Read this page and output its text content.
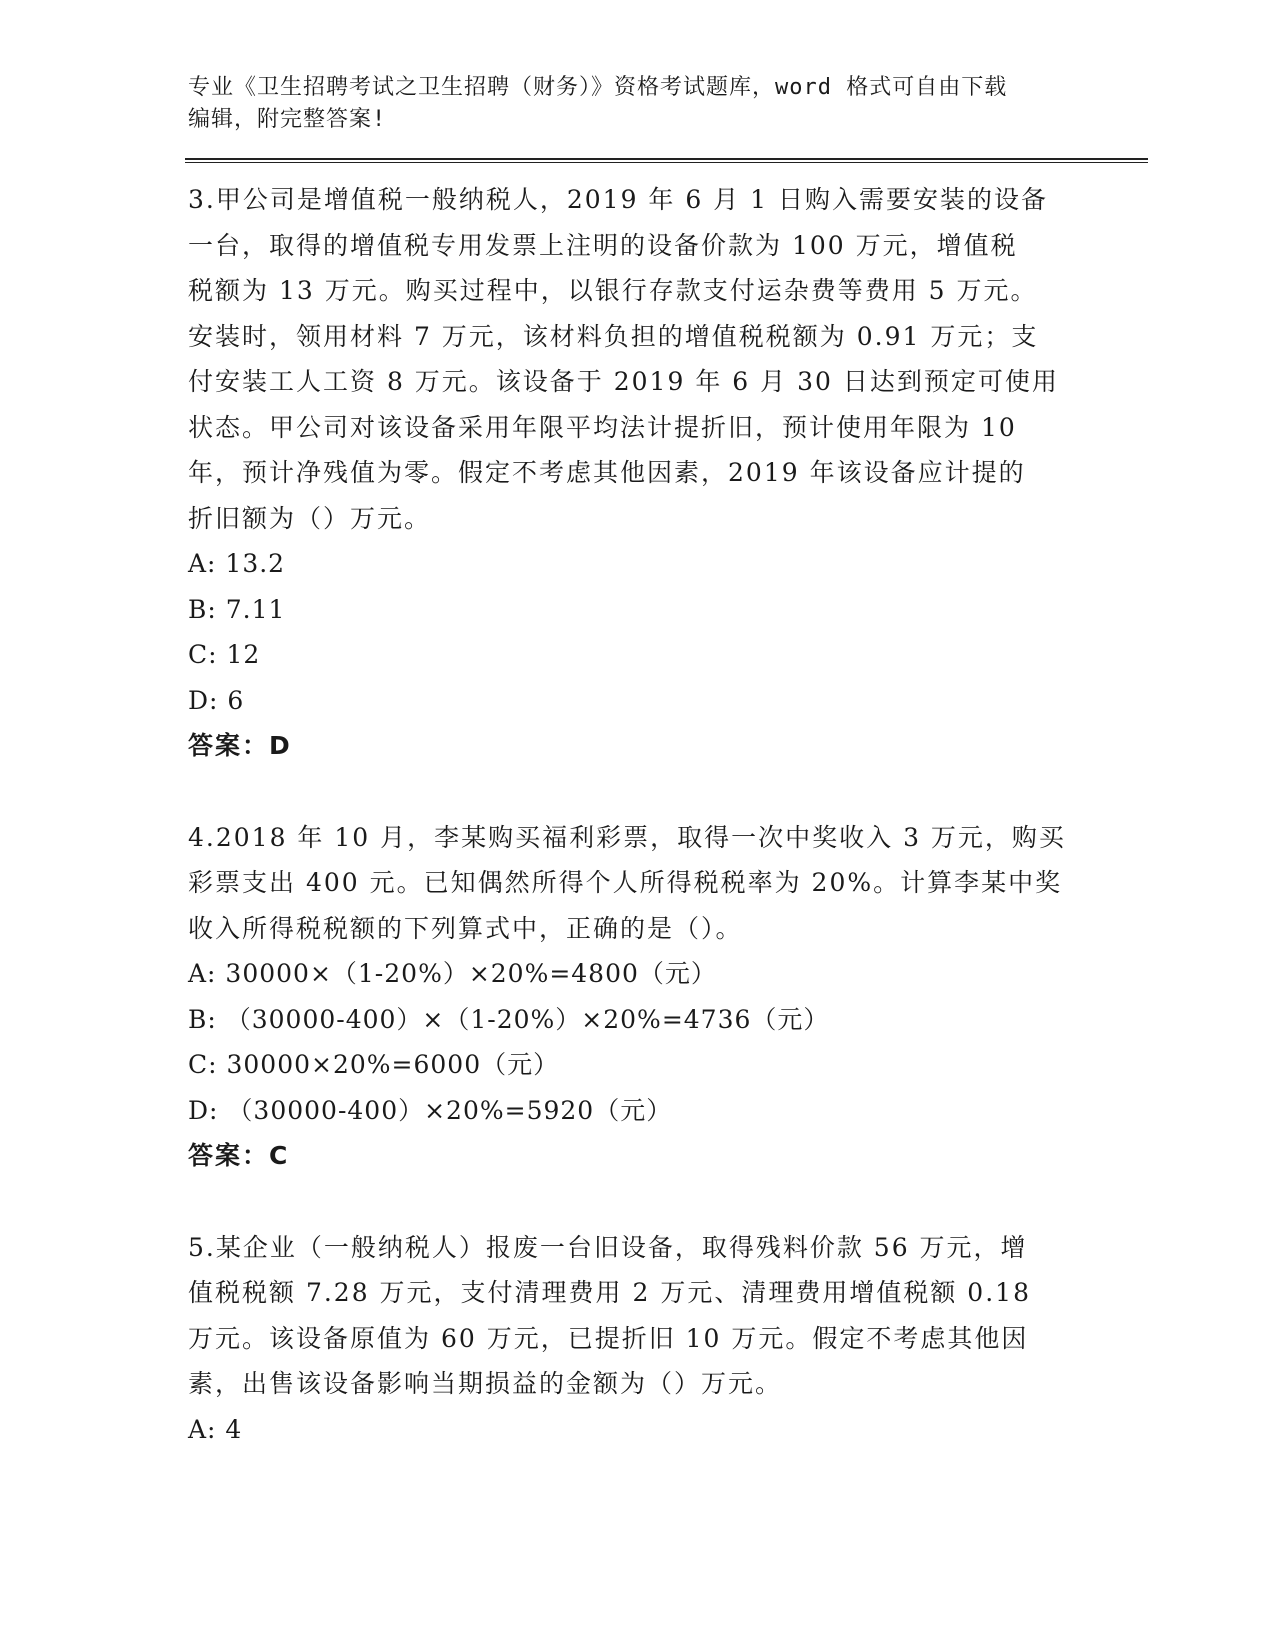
专业《卫生招聘考试之卫生招聘（财务）》资格考试题库，word 格式可自由下载
编辑，附完整答案!

3.甲公司是增值税一般纳税人，2019 年 6 月 1 日购入需要安装的设备

一台，取得的增值税专用发票上注明的设备价款为 100 万元，增值税

税额为 13 万元。购买过程中，以银行存款支付运杂费等费用 5 万元。

安装时，领用材料 7 万元，该材料负担的增值税税额为 0.91 万元；支

付安装工人工资 8 万元。该设备于 2019 年 6 月 30 日达到预定可使用

状态。甲公司对该设备采用年限平均法计提折旧，预计使用年限为 10

年，预计净残值为零。假定不考虑其他因素，2019 年该设备应计提的

折旧额为（）万元。

A: 13.2

B: 7.11

C: 12

D: 6

答案：D

4.2018 年 10 月，李某购买福利彩票，取得一次中奖收入 3 万元，购买

彩票支出 400 元。已知偶然所得个人所得税税率为 20%。计算李某中奖

收入所得税税额的下列算式中，正确的是（）。

A: 30000×（1-20%）×20%=4800（元）

B: （30000-400）×（1-20%）×20%=4736（元）

C: 30000×20%=6000（元）

D: （30000-400）×20%=5920（元）

答案：C

5.某企业（一般纳税人）报废一台旧设备，取得残料价款 56 万元，增

值税税额 7.28 万元，支付清理费用 2 万元、清理费用增值税额 0.18

万元。该设备原值为 60 万元，已提折旧 10 万元。假定不考虑其他因

素，出售该设备影响当期损益的金额为（）万元。

A: 4
